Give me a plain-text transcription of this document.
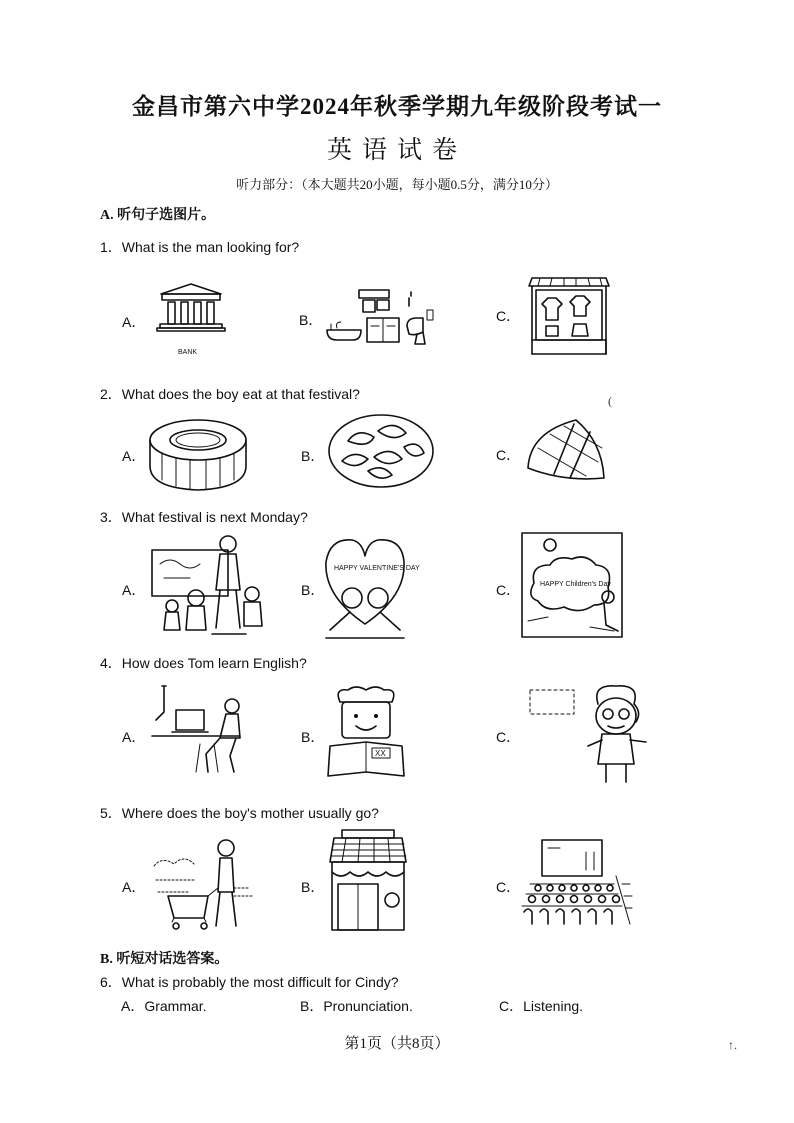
金昌市第六中学2024年秋季学期九年级阶段考试一
英语试卷
听力部分：（本大题共20小题，每小题0.5分，满分10分）
A. 听句子选图片。
1．What is the man looking for?
A．	B．	C．
BANK
2．What does the boy eat at that festival?	(
A．	B．	C．
3．What festival is next Monday?
A．	B．	C．
HAPPY VALENTINE'S DAY
HAPPY Children's Day
4．How does Tom learn English?
A．	B．	C．
XX
5．Where does the boy's mother usually go?
A．	B．	C．
B. 听短对话选答案。
6．What is probably the most difficult for Cindy?
A．Grammar.	B．Pronunciation.	C．Listening.
第1页（共8页）	↑.
